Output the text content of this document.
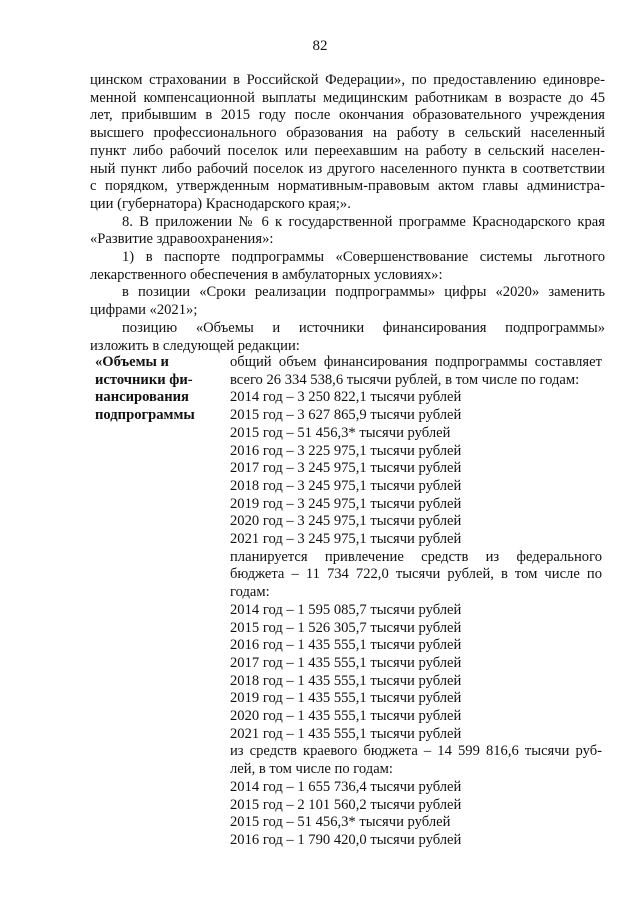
82
цинском страховании в Российской Федерации», по предоставлению единовре-
менной компенсационной выплаты медицинским работникам в возрасте до 45
лет, прибывшим в 2015 году после окончания образовательного учреждения
высшего профессионального образования на работу в сельский населенный
пункт либо рабочий поселок или переехавшим на работу в сельский населен-
ный пункт либо рабочий поселок из другого населенного пункта в соответствии
с порядком, утвержденным нормативным-правовым актом главы администра-
ции (губернатора) Краснодарского края;».
8. В приложении № 6 к государственной программе Краснодарского края
«Развитие здравоохранения»:
1) в паспорте подпрограммы «Совершенствование системы льготного
лекарственного обеспечения в амбулаторных условиях»:
в позиции «Сроки реализации подпрограммы» цифры «2020» заменить
цифрами «2021»;
позицию «Объемы и источники финансирования подпрограммы»
изложить в следующей редакции:
«Объемы и
источники фи-
нансирования
подпрограммы
общий объем финансирования подпрограммы составляет
всего 26 334 538,6 тысячи рублей, в том числе по годам:
2014 год – 3 250 822,1 тысячи рублей
2015 год – 3 627 865,9 тысячи рублей
2015 год – 51 456,3* тысячи рублей
2016 год – 3 225 975,1 тысячи рублей
2017 год – 3 245 975,1 тысячи рублей
2018 год – 3 245 975,1 тысячи рублей
2019 год – 3 245 975,1 тысячи рублей
2020 год – 3 245 975,1 тысячи рублей
2021 год – 3 245 975,1 тысячи рублей
планируется привлечение средств из федерального
бюджета – 11 734 722,0 тысячи рублей, в том числе по
годам:
2014 год – 1 595 085,7 тысячи рублей
2015 год – 1 526 305,7 тысячи рублей
2016 год – 1 435 555,1 тысячи рублей
2017 год – 1 435 555,1 тысячи рублей
2018 год – 1 435 555,1 тысячи рублей
2019 год – 1 435 555,1 тысячи рублей
2020 год – 1 435 555,1 тысячи рублей
2021 год – 1 435 555,1 тысячи рублей
из средств краевого бюджета – 14 599 816,6 тысячи руб-
лей, в том числе по годам:
2014 год – 1 655 736,4 тысячи рублей
2015 год – 2 101 560,2 тысячи рублей
2015 год – 51 456,3* тысячи рублей
2016 год – 1 790 420,0 тысячи рублей
